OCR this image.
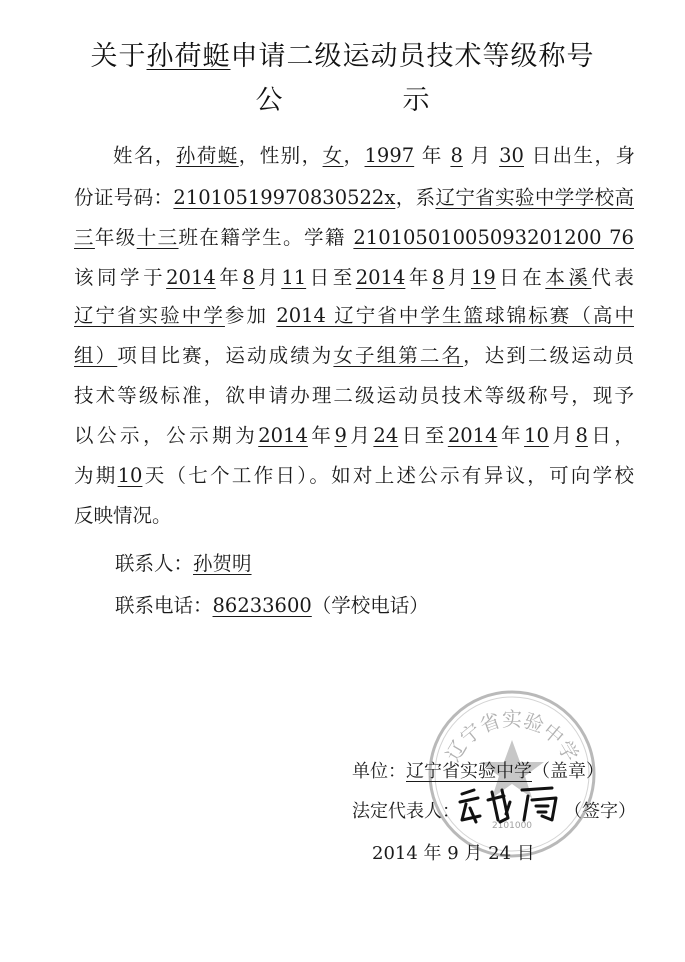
关于孙荷蜓申请二级运动员技术等级称号
公示
姓名，孙荷蜓，性别，女，1997 年 8 月 30 日出生，身
份证号码：21010519970830522x，系辽宁省实验中学学校高
三年级十三班在籍学生。学籍 21010501005093201200 76
该同学于2014年8月11日至2014年8月19日在本溪代表
辽宁省实验中学参加 2014 辽宁省中学生篮球锦标赛（高中
组）项目比赛，运动成绩为女子组第二名，达到二级运动员
技术等级标准，欲申请办理二级运动员技术等级称号，现予
以公示，公示期为2014年9月24日至2014年10月8日，
为期10天（七个工作日）。如对上述公示有异议，可向学校
反映情况。
联系人：孙贺明
联系电话：86233600（学校电话）
辽宁省实验中学
2101000
单位：辽宁省实验中学（盖章）
法定代表人：	（签字）
2014 年 9 月 24 日
